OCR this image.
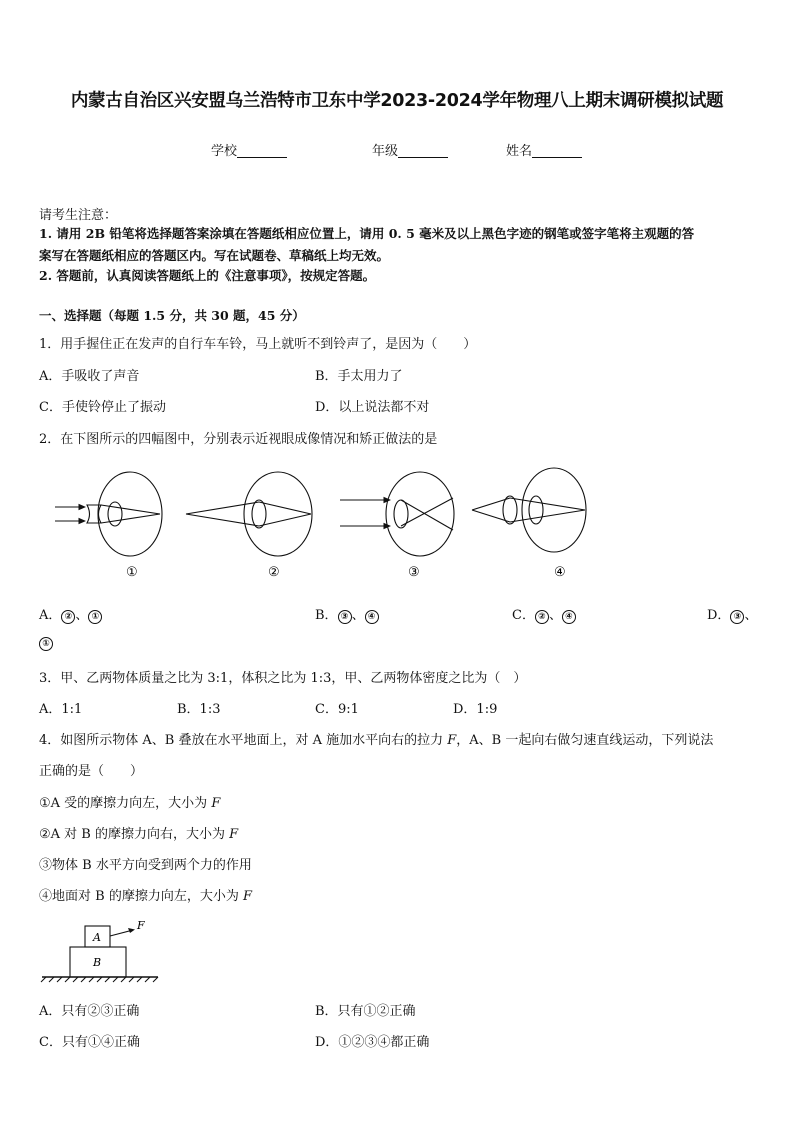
内蒙古自治区兴安盟乌兰浩特市卫东中学2023-2024学年物理八上期末调研模拟试题
学校	年级	姓名
请考生注意：
1. 请用 2B 铅笔将选择题答案涂填在答题纸相应位置上，请用 0. 5 毫米及以上黑色字迹的钢笔或签字笔将主观题的答
案写在答题纸相应的答题区内。写在试题卷、草稿纸上均无效。
2. 答题前，认真阅读答题纸上的《注意事项》，按规定答题。
一、选择题（每题 1.5 分，共 30 题，45 分）
1．用手握住正在发声的自行车车铃，马上就听不到铃声了，是因为（　　）
A．手吸收了声音	B．手太用力了
C．手使铃停止了振动	D．以上说法都不对
2．在下图所示的四幅图中，分别表示近视眼成像情况和矫正做法的是
①	②	③	④
A． ② 、 ①	B． ③ 、 ④	C． ② 、 ④	D． ③ 、
①
3．甲、乙两物体质量之比为 3:1，体积之比为 1:3，甲、乙两物体密度之比为（　）
A．1:1	B．1:3	C．9:1	D．1:9
4．如图所示物体 A、B 叠放在水平地面上，对 A 施加水平向右的拉力 F，A、B 一起向右做匀速直线运动，下列说法
正确的是（　　）
①A 受的摩擦力向左，大小为 F
②A 对 B 的摩擦力向右，大小为 F
③物体 B 水平方向受到两个力的作用
④地面对 B 的摩擦力向左，大小为 F
A
B
F
A．只有②③正确	B．只有①②正确
C．只有①④正确	D．①②③④都正确
